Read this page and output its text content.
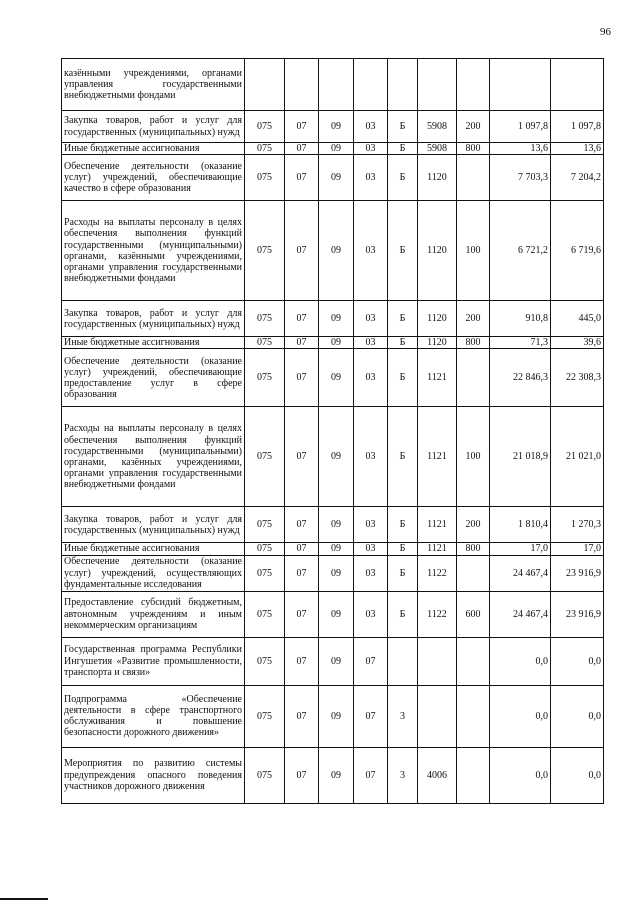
96
казёнными учреждениями, органами управления государственными внебюджетными фондами									
Закупка товаров, работ и услуг для государственных (муниципальных) нужд	075	07	09	03	Б	5908	200	1 097,8	1 097,8
Иные бюджетные ассигнования	075	07	09	03	Б	5908	800	13,6	13,6
Обеспечение деятельности (оказание услуг) учреждений, обеспечивающие качество в сфере образования	075	07	09	03	Б	1120		7 703,3	7 204,2
Расходы на выплаты персоналу в целях обеспечения выполнения функций государственными (муниципальными) органами, казёнными учреждениями, органами управления государственными внебюджетными фондами	075	07	09	03	Б	1120	100	6 721,2	6 719,6
Закупка товаров, работ и услуг для государственных (муниципальных) нужд	075	07	09	03	Б	1120	200	910,8	445,0
Иные бюджетные ассигнования	075	07	09	03	Б	1120	800	71,3	39,6
Обеспечение деятельности (оказание услуг) учреждений, обеспечивающие предоставление услуг в сфере образования	075	07	09	03	Б	1121		22 846,3	22 308,3
Расходы на выплаты персоналу в целях обеспечения выполнения функций государственными (муниципальными) органами, казённых учреждениями, органами управления государственными внебюджетными фондами	075	07	09	03	Б	1121	100	21 018,9	21 021,0
Закупка товаров, работ и услуг для государственных (муниципальных) нужд	075	07	09	03	Б	1121	200	1 810,4	1 270,3
Иные бюджетные ассигнования	075	07	09	03	Б	1121	800	17,0	17,0
Обеспечение деятельности (оказание услуг) учреждений, осуществляющих фундаментальные исследования	075	07	09	03	Б	1122		24 467,4	23 916,9
Предоставление субсидий бюджетным, автономным учреждениям и иным некоммерческим организациям	075	07	09	03	Б	1122	600	24 467,4	23 916,9
Государственная программа Республики Ингушетия «Развитие промышленности, транспорта и связи»	075	07	09	07				0,0	0,0
Подпрограмма «Обеспечение деятельности в сфере транспортного обслуживания и повышение безопасности дорожного движения»	075	07	09	07	3			0,0	0,0
Мероприятия по развитию системы предупреждения опасного поведения участников дорожного движения	075	07	09	07	3	4006		0,0	0,0
